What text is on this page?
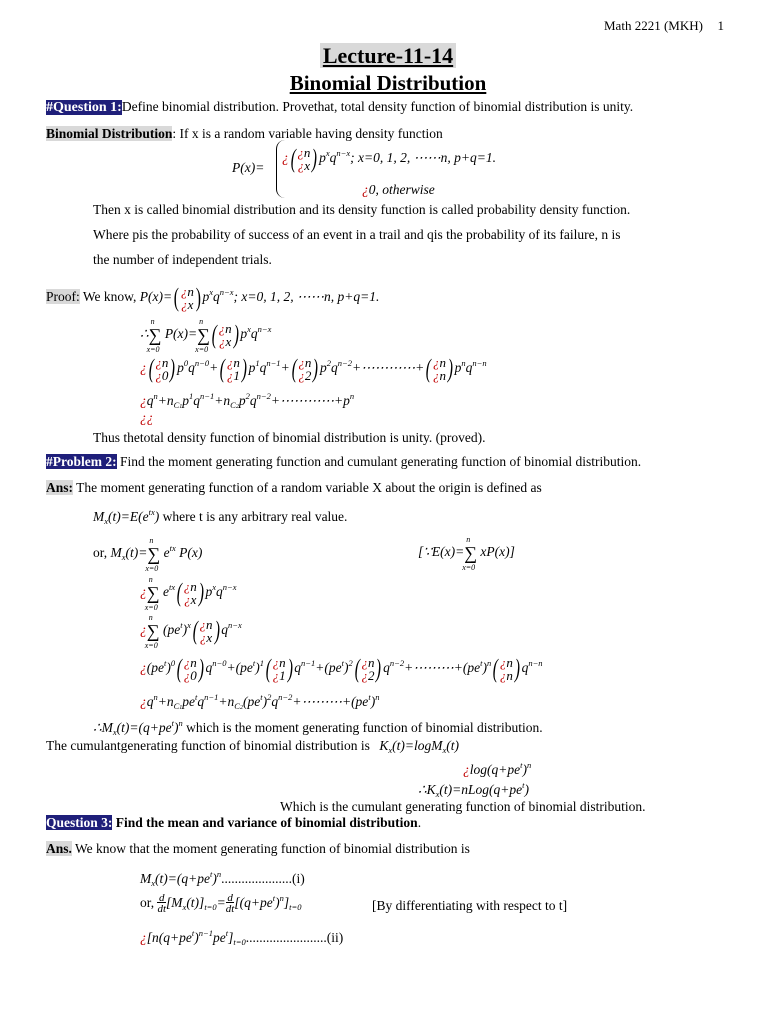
Math 2221 (MKH) 1
Lecture-11-14
Binomial Distribution
#Question 1:Define binomial distribution. Provethat, total density function of binomial distribution is unity.
Binomial Distribution: If x is a random variable having density function
P(x)=
¿( ¿n
¿x) $p^xq^{n-x}$; x=0, 1, 2, ⋯⋯n, p+q=1.
¿0, otherwise
Then x is called binomial distribution and its density function is called probability density function.
Where pis the probability of success of an event in a trail and qis the probability of its failure, n is
the number of independent trials.
Proof: We know, P(x)=( ¿n
¿x) $p^xq^{n-x}$; x=0, 1, 2, ⋯⋯n, p+q=1.
∴∑
n
x=0
P(x)=∑
n
x=0
( ¿n
¿x) $p^xq^{n-x}$
¿( ¿n
¿0) $p^0q^{n-0}+$( ¿n
¿1) $p^1q^{n-1}+$( ¿n
¿2) $p^2q^{n-2}+\cdots\cdots\cdots\cdots+$( ¿n
¿n) $p^nq^{n-n}$
¿$q^n+n_{C1}p^1q^{n-1}+n_{C2}p^2q^{n-2}+\cdots\cdots\cdots\cdots+p^n$
¿¿
Thus thetotal density function of binomial distribution is unity. (proved).
#Problem 2: Find the moment generating function and cumulant generating function of binomial distribution.
Ans: The moment generating function of a random variable X about the origin is defined as
$M_x(t)=E(e^{tx})$ where t is any arbitrary real value.
or, $M_x(t)=\sum$
n
x=0
$e^{tx}$ P(x)	[∵E(x)=∑
n
x=0
xP(x)]
¿∑
n
x=0
$e^{tx}$( ¿n
¿x) $p^xq^{n-x}$
¿∑
n
x=0
$(pe^t)^x$( ¿n
¿x) $q^{n-x}$
¿$(pe^t)^0$( ¿n
¿0) $q^{n-0}+(pe^t)^1$( ¿n
¿1) $q^{n-1}+(pe^t)^2$( ¿n
¿2) $q^{n-2}+\cdots\cdots\cdots+(pe^t)^n$( ¿n
¿n) $q^{n-n}$
¿$q^n+n_{C1}pe^tq^{n-1}+n_{C2}(pe^t)^2q^{n-2}+\cdots\cdots\cdots+(pe^t)^n$
$\therefore M_x(t)=(q+pe^t)^n$ which is the moment generating function of binomial distribution.
The cumulantgenerating function of binomial distribution is $K_x(t)=\log M_x(t)$
¿$\log(q+pe^t)^n$
$\therefore K_x(t)=nLog(q+pe^t)$
Which is the cumulant generating function of binomial distribution.
Question 3: Find the mean and variance of binomial distribution.
Ans. We know that the moment generating function of binomial distribution is
$M_x(t)=(q+pe^t)^n.....................(i)$
or, d
$dt[M_x(t)]_{t=0}= d$
$dt[(q+pe^t)^n]_{t=0}$	[By differentiating with respect to t]
¿$[n(q+pe^t)^{n-1}pe^t]_{t=0}........................(ii)$
